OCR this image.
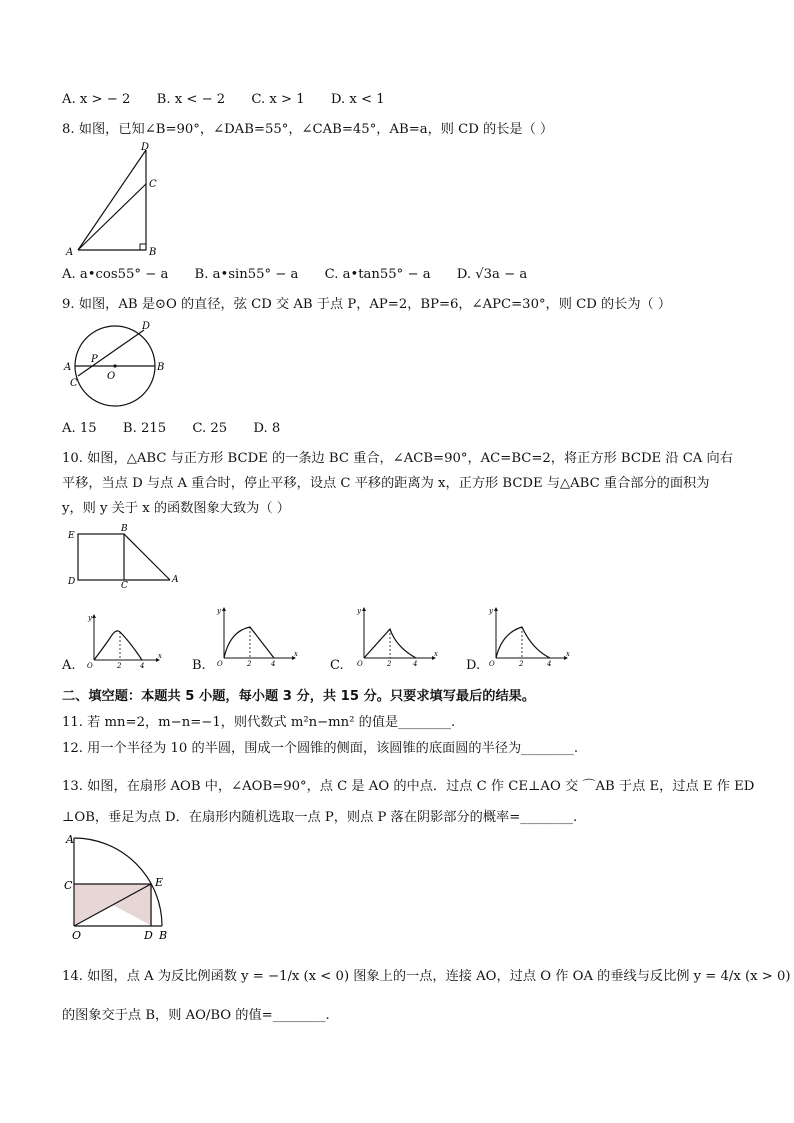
A. x > − 2 B. x < − 2 C. x > 1 D. x < 1
8. 如图，已知∠B=90°，∠DAB=55°，∠CAB=45°，AB=a，则 CD 的长是（ ）
A	B
C
D
A. a•cos55° − a B. a•sin55° − a C. a•tan55° − a D. √3a − a
9. 如图，AB 是⊙O 的直径，弦 CD 交 AB 于点 P，AP=2，BP=6，∠APC=30°，则 CD 的长为（ ）
A	B
C
D
P
O
A. 15 B. 215 C. 25 D. 8
10. 如图，△ABC 与正方形 BCDE 的一条边 BC 重合，∠ACB=90°，AC=BC=2，将正方形 BCDE 沿 CA 向右
平移，当点 D 与点 A 重合时，停止平移，设点 C 平移的距离为 x，正方形 BCDE 与△ABC 重合部分的面积为
y，则 y 关于 x 的函数图象大致为（ ）
E
B
D	C
A
A.
y
x
O	2	4	B.
y
x
O	2	4	C.
y
x
O	2	4	D.
y
x
O	2	4
二、填空题：本题共 5 小题，每小题 3 分，共 15 分。只要求填写最后的结果。
11. 若 mn=2，m−n=−1，则代数式 m²n−mn² 的值是________.
12. 用一个半径为 10 的半圆，围成一个圆锥的侧面，该圆锥的底面圆的半径为________.
13. 如图，在扇形 AOB 中，∠AOB=90°，点 C 是 AO 的中点．过点 C 作 CE⊥AO 交 ⌒AB 于点 E，过点 E 作 ED
⊥OB，垂足为点 D．在扇形内随机选取一点 P，则点 P 落在阴影部分的概率=________.
A
C	E
O	D B
14. 如图，点 A 为反比例函数 y = −1/x (x < 0) 图象上的一点，连接 AO，过点 O 作 OA 的垂线与反比例 y = 4/x (x > 0)
的图象交于点 B，则 AO/BO 的值=________.
